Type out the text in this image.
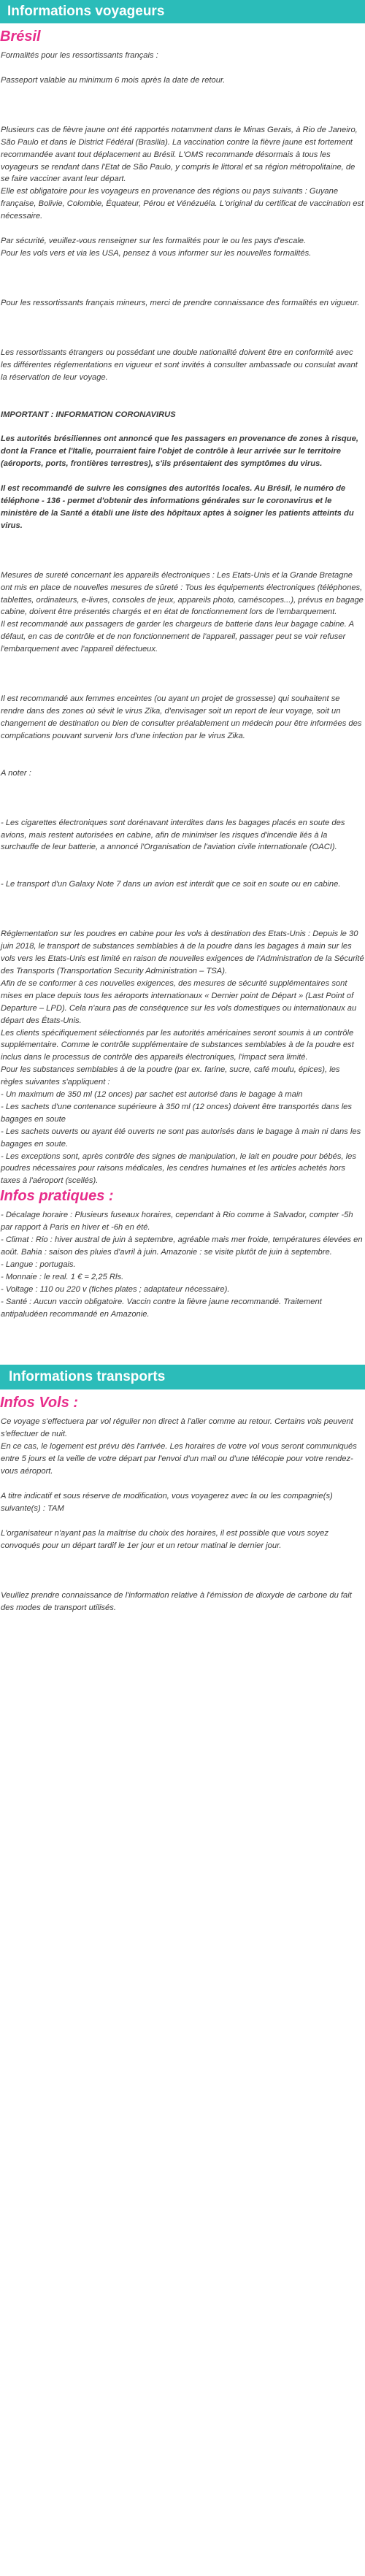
Informations voyageurs
Brésil

Formalités pour les ressortissants français :

Passeport valable au minimum 6 mois après la date de retour.

Plusieurs cas de fièvre jaune ont été rapportés notamment dans le Minas Gerais, à Rio de Janeiro, São Paulo et dans le District Fédéral (Brasilia). La vaccination contre la fièvre jaune est fortement recommandée avant tout déplacement au Brésil. L'OMS recommande désormais à tous les voyageurs se rendant dans l'Etat de São Paulo, y compris le littoral et sa région métropolitaine, de se faire vacciner avant leur départ.

Elle est obligatoire pour les voyageurs en provenance des régions ou pays suivants : Guyane française, Bolivie, Colombie, Équateur, Pérou et Vénézuéla. L'original du certificat de vaccination est nécessaire.

Par sécurité, veuillez-vous renseigner sur les formalités pour le ou les pays d'escale.

Pour les vols vers et via les USA, pensez à vous informer sur les nouvelles formalités.

Pour les ressortissants français mineurs, merci de prendre connaissance des formalités en vigueur.

Les ressortissants étrangers ou possédant une double nationalité doivent être en conformité avec les différentes réglementations en vigueur et sont invités à consulter ambassade ou consulat avant la réservation de leur voyage.

IMPORTANT : INFORMATION CORONAVIRUS

Les autorités brésiliennes ont annoncé que les passagers en provenance de zones à risque, dont la France et l'Italie, pourraient faire l'objet de contrôle à leur arrivée sur le territoire (aéroports, ports, frontières terrestres), s'ils présentaient des symptômes du virus.

Il est recommandé de suivre les consignes des autorités locales. Au Brésil, le numéro de téléphone - 136 - permet d'obtenir des informations générales sur le coronavirus et le ministère de la Santé a établi une liste des hôpitaux aptes à soigner les patients atteints du virus.

Mesures de sureté concernant les appareils électroniques : Les Etats-Unis et la Grande Bretagne ont mis en place de nouvelles mesures de sûreté : Tous les équipements électroniques (téléphones, tablettes, ordinateurs, e-livres, consoles de jeux, appareils photo, caméscopes...), prévus en bagage cabine, doivent être présentés chargés et en état de fonctionnement lors de l'embarquement.

Il est recommandé aux passagers de garder les chargeurs de batterie dans leur bagage cabine. A défaut, en cas de contrôle et de non fonctionnement de l'appareil, passager peut se voir refuser l'embarquement avec l'appareil défectueux.

Il est recommandé aux femmes enceintes (ou ayant un projet de grossesse) qui souhaitent se rendre dans des zones où sévit le virus Zika, d'envisager soit un report de leur voyage, soit un changement de destination ou bien de consulter préalablement un médecin pour être informées des complications pouvant survenir lors d'une infection par le virus Zika.

A noter :

- Les cigarettes électroniques sont dorénavant interdites dans les bagages placés en soute des avions, mais restent autorisées en cabine, afin de minimiser les risques d'incendie liés à la surchauffe de leur batterie, a annoncé l'Organisation de l'aviation civile internationale (OACI).

- Le transport d'un Galaxy Note 7 dans un avion est interdit que ce soit en soute ou en cabine.

Réglementation sur les poudres en cabine pour les vols à destination des Etats-Unis : Depuis le 30 juin 2018, le transport de substances semblables à de la poudre dans les bagages à main sur les vols vers les Etats-Unis est limité en raison de nouvelles exigences de l'Administration de la Sécurité des Transports (Transportation Security Administration – TSA).

Afin de se conformer à ces nouvelles exigences, des mesures de sécurité supplémentaires sont mises en place depuis tous les aéroports internationaux « Dernier point de Départ » (Last Point of Departure – LPD). Cela n'aura pas de conséquence sur les vols domestiques ou internationaux au départ des États-Unis.

Les clients spécifiquement sélectionnés par les autorités américaines seront soumis à un contrôle supplémentaire. Comme le contrôle supplémentaire de substances semblables à de la poudre est inclus dans le processus de contrôle des appareils électroniques, l'impact sera limité.

Pour les substances semblables à de la poudre (par ex. farine, sucre, café moulu, épices), les règles suivantes s'appliquent :

- Un maximum de 350 ml (12 onces) par sachet est autorisé dans le bagage à main

- Les sachets d'une contenance supérieure à 350 ml (12 onces) doivent être transportés dans les bagages en soute

- Les sachets ouverts ou ayant été ouverts ne sont pas autorisés dans le bagage à main ni dans les bagages en soute.

- Les exceptions sont, après contrôle des signes de manipulation, le lait en poudre pour bébés, les poudres nécessaires pour raisons médicales, les cendres humaines et les articles achetés hors taxes à l'aéroport (scellés).

Infos pratiques :

- Décalage horaire : Plusieurs fuseaux horaires, cependant à Rio comme à Salvador, compter -5h par rapport à Paris en hiver et -6h en été.

- Climat : Rio : hiver austral de juin à septembre, agréable mais mer froide, températures élevées en août. Bahia : saison des pluies d'avril à juin. Amazonie : se visite plutôt de juin à septembre.

- Langue : portugais.

- Monnaie : le real. 1 € = 2,25 Rls.

- Voltage : 110 ou 220 v (fiches plates ; adaptateur nécessaire).

- Santé : Aucun vaccin obligatoire. Vaccin contre la fièvre jaune recommandé. Traitement antipaludéen recommandé en Amazonie.

Informations transports
Infos Vols :

Ce voyage s'effectuera par vol régulier non direct à l'aller comme au retour. Certains vols peuvent s'effectuer de nuit.

En ce cas, le logement est prévu dès l'arrivée. Les horaires de votre vol vous seront communiqués entre 5 jours et la veille de votre départ par l'envoi d'un mail ou d'une télécopie pour votre rendez-vous aéroport.

A titre indicatif et sous réserve de modification, vous voyagerez avec la ou les compagnie(s) suivante(s) : TAM

L'organisateur n'ayant pas la maîtrise du choix des horaires, il est possible que vous soyez convoqués pour un départ tardif le 1er jour et un retour matinal le dernier jour.

Veuillez prendre connaissance de l'information relative à l'émission de dioxyde de carbone du fait des modes de transport utilisés.
